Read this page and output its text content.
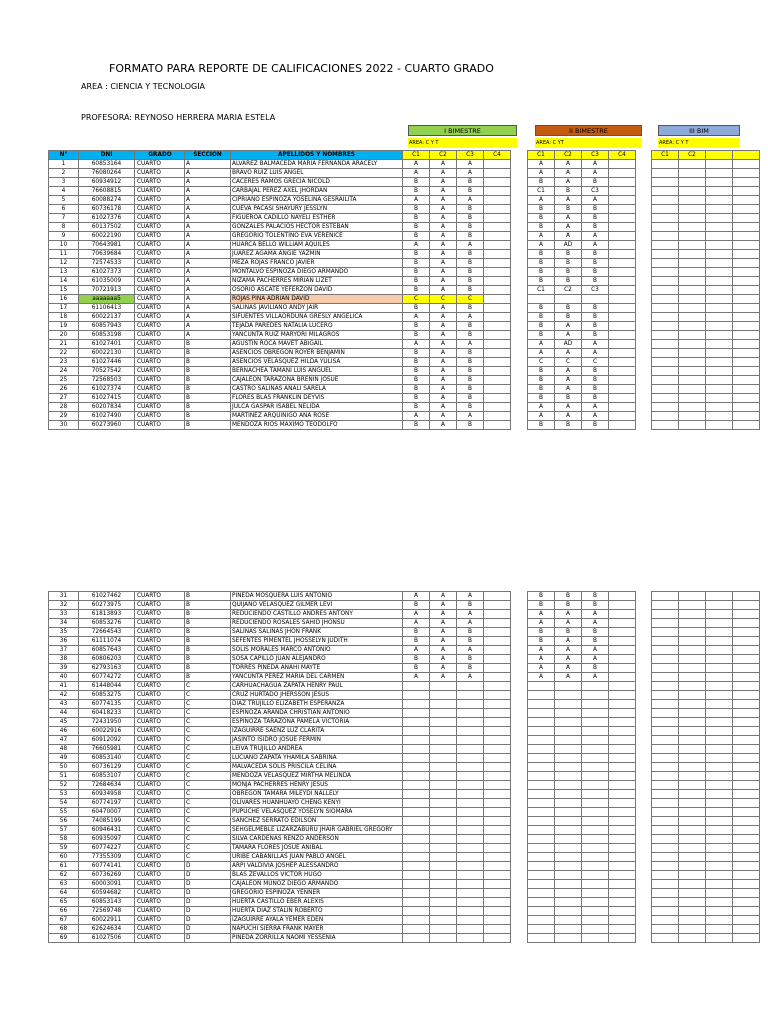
FORMATO PARA REPORTE DE CALIFICACIONES 2022 - CUARTO GRADO
AREA : CIENCIA Y TECNOLOGIA
PROFESORA: REYNOSO HERRERA MARIA ESTELA
I BIMESTRE	II BIMESTRE	III BIM
AREA: C Y T	AREA: C YT	AREA: C Y T
N°	DNI	GRADO	SECCIÓN	APELLIDOS Y NOMBRES	C1	C2	C3	C4		C1	C2	C3	C4		C1	C2		
1	60853164	CUARTO	A	ALVAREZ BALMACEDA MARIA FERNANDA ARACELY	A	A	A			A	A	A						
2	76080264	CUARTO	A	BRAVO RUIZ LUIS ANGEL	A	A	A			A	A	A						
3	60934912	CUARTO	A	CACERES RAMOS GRECIA NICOLD	B	A	B			B	A	B						
4	76608815	CUARTO	A	CARBAJAL PEREZ AXEL JHORDAN	B	A	B			C1	B	C3						
5	60088274	CUARTO	A	CIPRIANO ESPINOZA YOSELINA GESRAILITA	A	A	A			A	A	A						
6	60736178	CUARTO	A	CUEVA PACASI SHAYURY JESSLYN	B	A	B			B	B	B						
7	61027376	CUARTO	A	FIGUEROA CADILLO NAYELI ESTHER	B	A	B			B	A	B						
8	60137502	CUARTO	A	GONZALES PALACIOS HECTOR ESTEBAN	B	A	B			B	A	B						
9	60022190	CUARTO	A	GREGORIO TOLENTINO EVA VERENICE	B	A	B			A	A	A						
10	70643981	CUARTO	A	HUARCA BELLO WILLIAM AQUILES	A	A	A			A	AD	A						
11	70639684	CUARTO	A	JUAREZ AGAMA ANGIE YAZMIN	B	A	B			B	B	B						
12	72574533	CUARTO	A	MEZA ROJAS FRANCO JAVIER	B	A	B			B	B	B						
13	61027373	CUARTO	A	MONTALVO ESPINOZA DIEGO ARMANDO	B	A	B			B	B	B						
14	61035009	CUARTO	A	NIZAMA PACHERRES MIRIAN LIZET	B	A	B			B	B	B						
15	70721913	CUARTO	A	OSORIO ASCATE YEFERZON DAVID	B	A	B			C1	C2	C3						
16	aaaaaaa5	CUARTO	A	ROJAS PIÑA ADRIAN DAVID	C	C	C											
17	61106413	CUARTO	A	SALINAS JAVILIANO ANDY JAIR	B	A	B			B	B	B						
18	60022137	CUARTO	A	SIFUENTES VILLAORDUÑA GRESLY ANGELICA	A	A	A			B	B	B						
19	60857943	CUARTO	A	TEJADA PAREDES NATALIA LUCERO	B	A	B			B	A	B						
20	60853198	CUARTO	A	YANCUNTA RUIZ MARYORI MILAGROS	B	A	B			B	A	B						
21	61027401	CUARTO	B	AGUSTIN ROCA MAVET ABIGAIL	A	A	A			A	AD	A						
22	60022130	CUARTO	B	ASENCIOS OBREGON ROYER BENJAMIN	B	A	B			A	A	A						
23	61027446	CUARTO	B	ASENCIOS VELASQUEZ HILDA YULISA	B	A	B			C	C	C						
24	70527542	CUARTO	B	BERNACHEA TAMANI LUIS ANGUEL	B	A	B			B	A	B						
25	72568503	CUARTO	B	CAJALEON TARAZONA BRENIN JOSUE	B	A	B			B	A	B						
26	61027374	CUARTO	B	CASTRO SALINAS ANALI SARELA	B	A	B			B	A	B						
27	61027415	CUARTO	B	FLORES BLAS FRANKLIN DEYVIS	B	A	B			B	B	B						
28	60207834	CUARTO	B	JULCA GASPAR ISABEL NELIDA	B	A	B			A	A	A						
29	61027490	CUARTO	B	MARTINEZ ARQUINIGO ANA ROSE	A	A	A			A	A	A						
30	60273960	CUARTO	B	MENDOZA RIOS MAXIMO TEODOLFO	B	A	B			B	B	B						
31	61027462	CUARTO	B	PINEDA MOSQUERA LUIS ANTONIO	A	A	A			B	B	B						
32	60273975	CUARTO	B	QUIJANO VELASQUEZ GILMER LEVI	B	A	B			B	B	B						
33	61813893	CUARTO	B	REDUCIENDO CASTILLO ANDRES ANTONY	A	A	A			A	A	A						
34	60853276	CUARTO	B	REDUCIENDO ROSALES SAHID JHONSU	A	A	A			A	A	A						
35	72664543	CUARTO	B	SALINAS SALINAS JHON FRANK	B	A	B			B	B	B						
36	61111074	CUARTO	B	SEFENTES PIMENTEL JHOSSELYN JUDITH	B	A	B			B	A	B						
37	60857643	CUARTO	B	SOLIS MORALES MARCO ANTONIO	A	A	A			A	A	A						
38	60806203	CUARTO	B	SOSA CAPILLO JUAN ALEJANDRO	B	A	B			A	A	A						
39	62793163	CUARTO	B	TORRES PINEDA ANAHI MAYTE	B	A	B			A	A	B						
40	60774272	CUARTO	B	YANCUNTA PEREZ MARIA DEL CARMEN	A	A	A			A	A	A						
41	61448044	CUARTO	C	CARHUACHAGUA ZAPATA HENRY PAUL														
42	60853275	CUARTO	C	CRUZ HURTADO JHERSSON JESUS														
43	60774135	CUARTO	C	DIAZ TRUJILLO ELIZABETH ESPERANZA														
44	60418233	CUARTO	C	ESPINOZA ARANDA CHRISTIAN ANTONIO														
45	72431950	CUARTO	C	ESPINOZA TARAZONA PAMELA VICTORIA														
46	60022916	CUARTO	C	IZAGUIRRE SAENZ LUZ CLARITA														
47	60912092	CUARTO	C	JASINTO ISIDRO JOSUE FERMIN														
48	76605981	CUARTO	C	LEIVA TRUJILLO ANDREA														
49	60853140	CUARTO	C	LUCIANO ZAPATA YHAMILA SABRINA														
50	60736129	CUARTO	C	MALVACEDA SOLIS PRISCILA CELINA														
51	60853107	CUARTO	C	MENDOZA VELASQUEZ MIRTHA MELINDA														
52	72684634	CUARTO	C	MONJA PACHERRES HENRY JESUS														
53	60934958	CUARTO	C	OBREGON TAMARA MILEYDI NALLELY														
54	60774197	CUARTO	C	OLIVARES HUANHUAYO CHENG KENYI														
55	60470007	CUARTO	C	PUPUCHE VELASQUEZ YOSELYN SIOMARA														
56	74085199	CUARTO	C	SANCHEZ SERRATO EDILSON														
57	60946431	CUARTO	C	SEHGELMEBLE LIZARZABURÚ JHAIR GABRIEL GREGORY														
58	60935097	CUARTO	C	SILVA CARDENAS RENZO ANDERSON														
59	60774227	CUARTO	C	TAMARA FLORES JOSUE ANIBAL														
60	77355309	CUARTO	C	URIBE CABANILLAS JUAN PABLO ANGEL														
61	60774141	CUARTO	D	ARPI VALDIVIA JOSHEP ALESSANDRO														
62	60736269	CUARTO	D	BLAS ZEVALLOS VICTOR HUGO														
63	60003091	CUARTO	D	CAJALEON MUÑOZ DIEGO ARMANDO														
64	60594682	CUARTO	D	GREGORIO ESPINOZA YENNER														
65	60853143	CUARTO	D	HUERTA CASTILLO EBER ALEXIS														
66	72569748	CUARTO	D	HUERTA DIAZ STALIN ROBERTO														
67	60022911	CUARTO	D	IZAGUIRRE AYALA YEMER EDEN														
68	62624634	CUARTO	D	NAPUCHI SIERRA FRANK MAYER														
69	61027506	CUARTO	D	PINEDA ZORRILLA NAOMI YESSENIA														
